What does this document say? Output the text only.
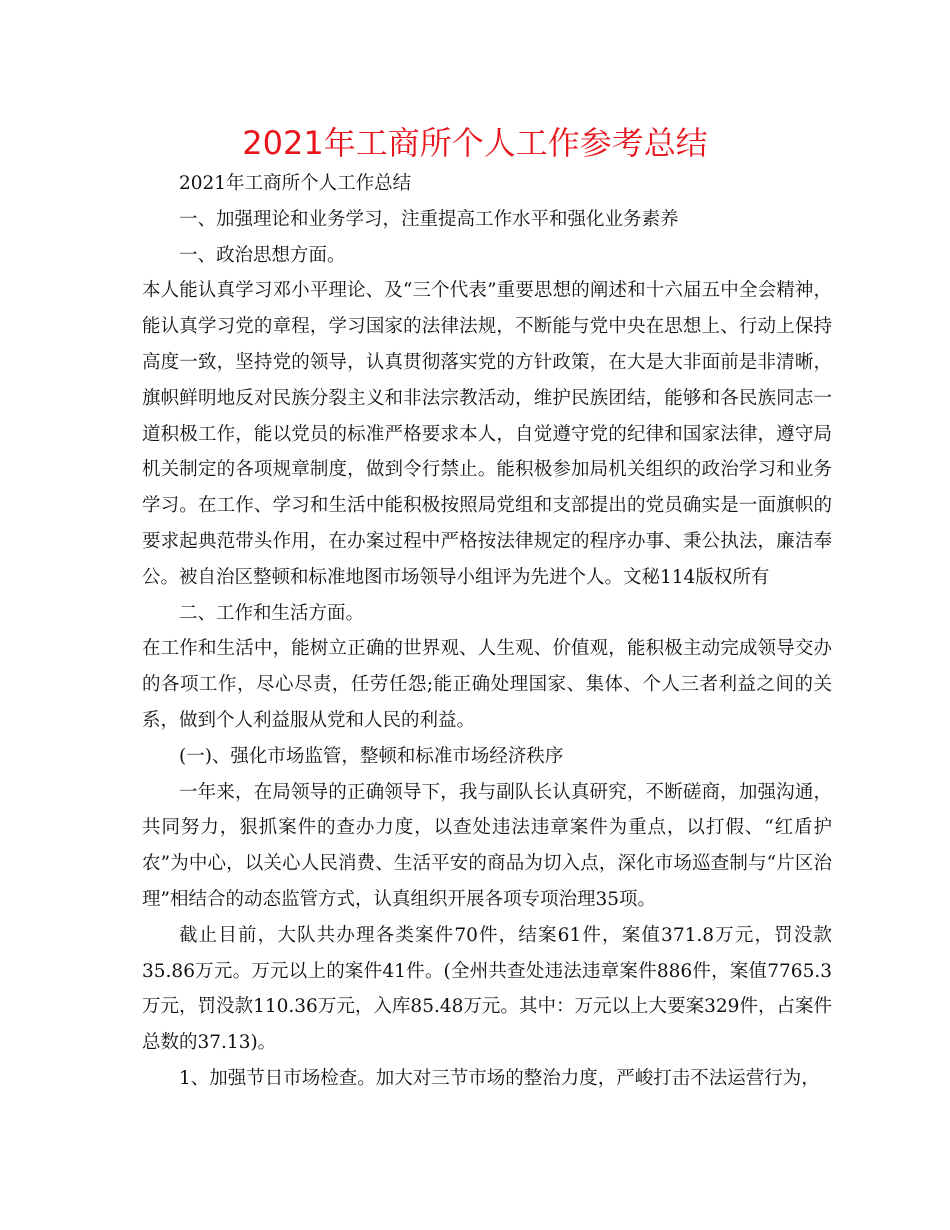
2021年工商所个人工作参考总结

2021年工商所个人工作总结

一、加强理论和业务学习，注重提高工作水平和强化业务素养

一、政治思想方面。

本人能认真学习邓小平理论、及“三个代表”重要思想的阐述和十六届五中全会精神，能认真学习党的章程，学习国家的法律法规，不断能与党中央在思想上、行动上保持高度一致，坚持党的领导，认真贯彻落实党的方针政策，在大是大非面前是非清晰，旗帜鲜明地反对民族分裂主义和非法宗教活动，维护民族团结，能够和各民族同志一道积极工作，能以党员的标准严格要求本人，自觉遵守党的纪律和国家法律，遵守局机关制定的各项规章制度，做到令行禁止。能积极参加局机关组织的政治学习和业务学习。在工作、学习和生活中能积极按照局党组和支部提出的党员确实是一面旗帜的要求起典范带头作用，在办案过程中严格按法律规定的程序办事、秉公执法，廉洁奉公。被自治区整顿和标准地图市场领导小组评为先进个人。文秘114版权所有

二、工作和生活方面。

在工作和生活中，能树立正确的世界观、人生观、价值观，能积极主动完成领导交办的各项工作，尽心尽责，任劳任怨;能正确处理国家、集体、个人三者利益之间的关系，做到个人利益服从党和人民的利益。

(一)、强化市场监管，整顿和标准市场经济秩序

一年来，在局领导的正确领导下，我与副队长认真研究，不断磋商，加强沟通，共同努力，狠抓案件的查办力度，以查处违法违章案件为重点，以打假、“红盾护农”为中心，以关心人民消费、生活平安的商品为切入点，深化市场巡查制与“片区治理”相结合的动态监管方式，认真组织开展各项专项治理35项。

截止目前，大队共办理各类案件70件，结案61件，案值371.8万元，罚没款35.86万元。万元以上的案件41件。(全州共查处违法违章案件886件，案值7765.3万元，罚没款110.36万元，入库85.48万元。其中：万元以上大要案329件，占案件总数的37.13)。

1、加强节日市场检查。加大对三节市场的整治力度，严峻打击不法运营行为，
